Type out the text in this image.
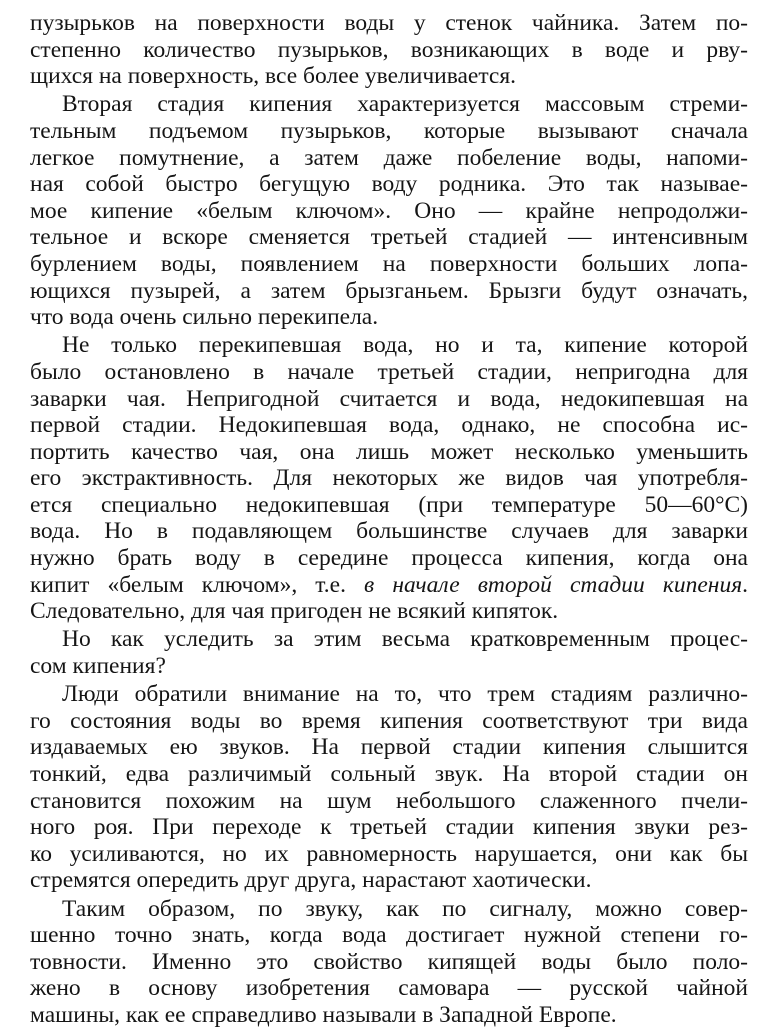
пузырьков на поверхности воды у стенок чайника. Затем по-
степенно количество пузырьков, возникающих в воде и рву-
щихся на поверхность, все более увеличивается.
Вторая стадия кипения характеризуется массовым стреми-
тельным подъемом пузырьков, которые вызывают сначала
легкое помутнение, а затем даже побеление воды, напоми-
ная собой быстро бегущую воду родника. Это так называе-
мое кипение «белым ключом». Оно — крайне непродолжи-
тельное и вскоре сменяется третьей стадией — интенсивным
бурлением воды, появлением на поверхности больших лопа-
ющихся пузырей, а затем брызганьем. Брызги будут означать,
что вода очень сильно перекипела.
Не только перекипевшая вода, но и та, кипение которой
было остановлено в начале третьей стадии, непригодна для
заварки чая. Непригодной считается и вода, недокипевшая на
первой стадии. Недокипевшая вода, однако, не способна ис-
портить качество чая, она лишь может несколько уменьшить
его экстрактивность. Для некоторых же видов чая употребля-
ется специально недокипевшая (при температуре 50—60°С)
вода. Но в подавляющем большинстве случаев для заварки
нужно брать воду в середине процесса кипения, когда она
кипит «белым ключом», т.е. в начале второй стадии кипения.
Следовательно, для чая пригоден не всякий кипяток.
Но как уследить за этим весьма кратковременным процес-
сом кипения?
Люди обратили внимание на то, что трем стадиям различно-
го состояния воды во время кипения соответствуют три вида
издаваемых ею звуков. На первой стадии кипения слышится
тонкий, едва различимый сольный звук. На второй стадии он
становится похожим на шум небольшого слаженного пчели-
ного роя. При переходе к третьей стадии кипения звуки рез-
ко усиливаются, но их равномерность нарушается, они как бы
стремятся опередить друг друга, нарастают хаотически.
Таким образом, по звуку, как по сигналу, можно совер-
шенно точно знать, когда вода достигает нужной степени го-
товности. Именно это свойство кипящей воды было поло-
жено в основу изобретения самовара — русской чайной
машины, как ее справедливо называли в Западной Европе.
